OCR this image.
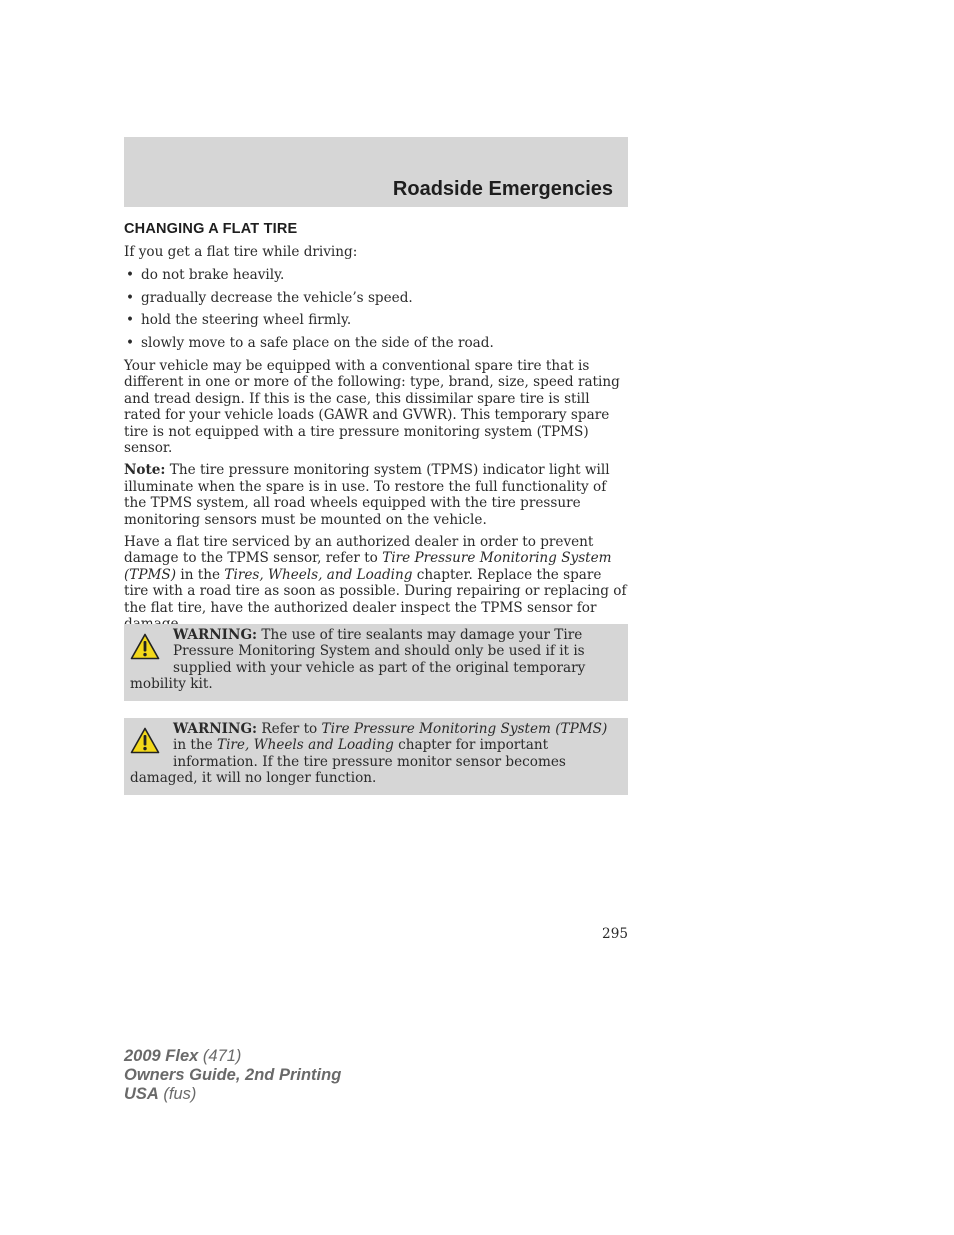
Roadside Emergencies
CHANGING A FLAT TIRE

If you get a flat tire while driving:

• do not brake heavily.
• gradually decrease the vehicle’s speed.
• hold the steering wheel firmly.
• slowly move to a safe place on the side of the road.

Your vehicle may be equipped with a conventional spare tire that is different in one or more of the following: type, brand, size, speed rating and tread design. If this is the case, this dissimilar spare tire is still rated for your vehicle loads (GAWR and GVWR). This temporary spare tire is not equipped with a tire pressure monitoring system (TPMS) sensor.

Note: The tire pressure monitoring system (TPMS) indicator light will illuminate when the spare is in use. To restore the full functionality of the TPMS system, all road wheels equipped with the tire pressure monitoring sensors must be mounted on the vehicle.

Have a flat tire serviced by an authorized dealer in order to prevent damage to the TPMS sensor, refer to Tire Pressure Monitoring System (TPMS) in the Tires, Wheels, and Loading chapter. Replace the spare tire with a road tire as soon as possible. During repairing or replacing of the flat tire, have the authorized dealer inspect the TPMS sensor for

WARNING: The use of tire sealants may damage your Tire Pressure Monitoring System and should only be used if it is supplied with your vehicle as part of the original temporary mobility kit.
WARNING: Refer to Tire Pressure Monitoring System (TPMS) in the Tire, Wheels and Loading chapter for important information. If the tire pressure monitor sensor becomes damaged, it will no longer function.
295
2009 Flex (471)
Owners Guide, 2nd Printing
USA (fus)
